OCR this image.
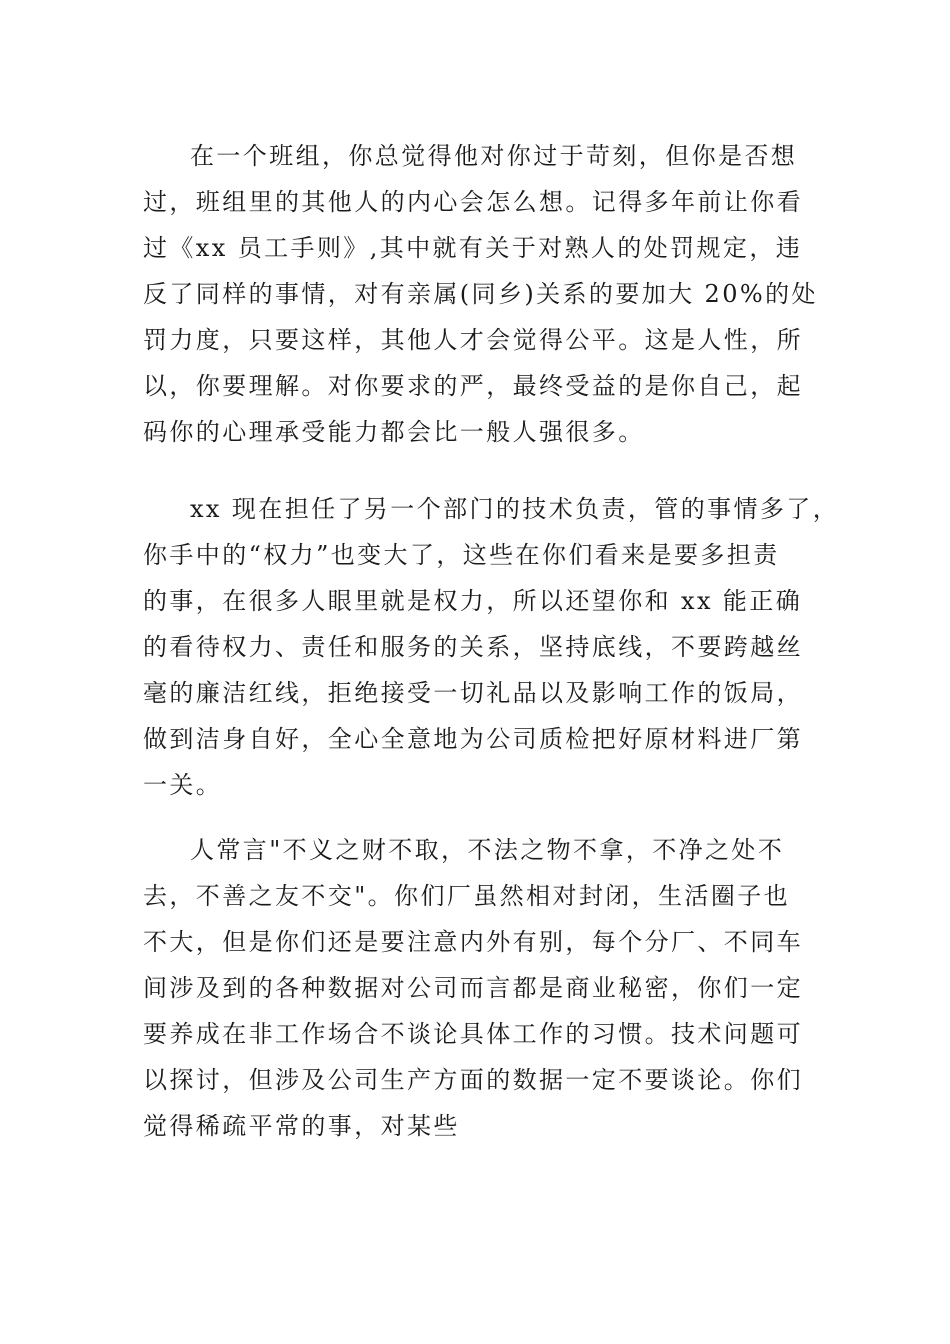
在一个班组，你总觉得他对你过于苛刻，但你是否想
过，班组里的其他人的内心会怎么想。记得多年前让你看
过《xx 员工手则》,其中就有关于对熟人的处罚规定，违
反了同样的事情，对有亲属(同乡)关系的要加大 20%的处
罚力度，只要这样，其他人才会觉得公平。这是人性，所
以，你要理解。对你要求的严，最终受益的是你自己，起
码你的心理承受能力都会比一般人强很多。
xx 现在担任了另一个部门的技术负责，管的事情多了，
你手中的“权力”也变大了，这些在你们看来是要多担责
的事，在很多人眼里就是权力，所以还望你和 xx 能正确
的看待权力、责任和服务的关系，坚持底线，不要跨越丝
毫的廉洁红线，拒绝接受一切礼品以及影响工作的饭局，
做到洁身自好，全心全意地为公司质检把好原材料进厂第
一关。
人常言"不义之财不取，不法之物不拿，不净之处不
去，不善之友不交"。你们厂虽然相对封闭，生活圈子也
不大，但是你们还是要注意内外有别，每个分厂、不同车
间涉及到的各种数据对公司而言都是商业秘密，你们一定
要养成在非工作场合不谈论具体工作的习惯。技术问题可
以探讨，但涉及公司生产方面的数据一定不要谈论。你们
觉得稀疏平常的事，对某些
